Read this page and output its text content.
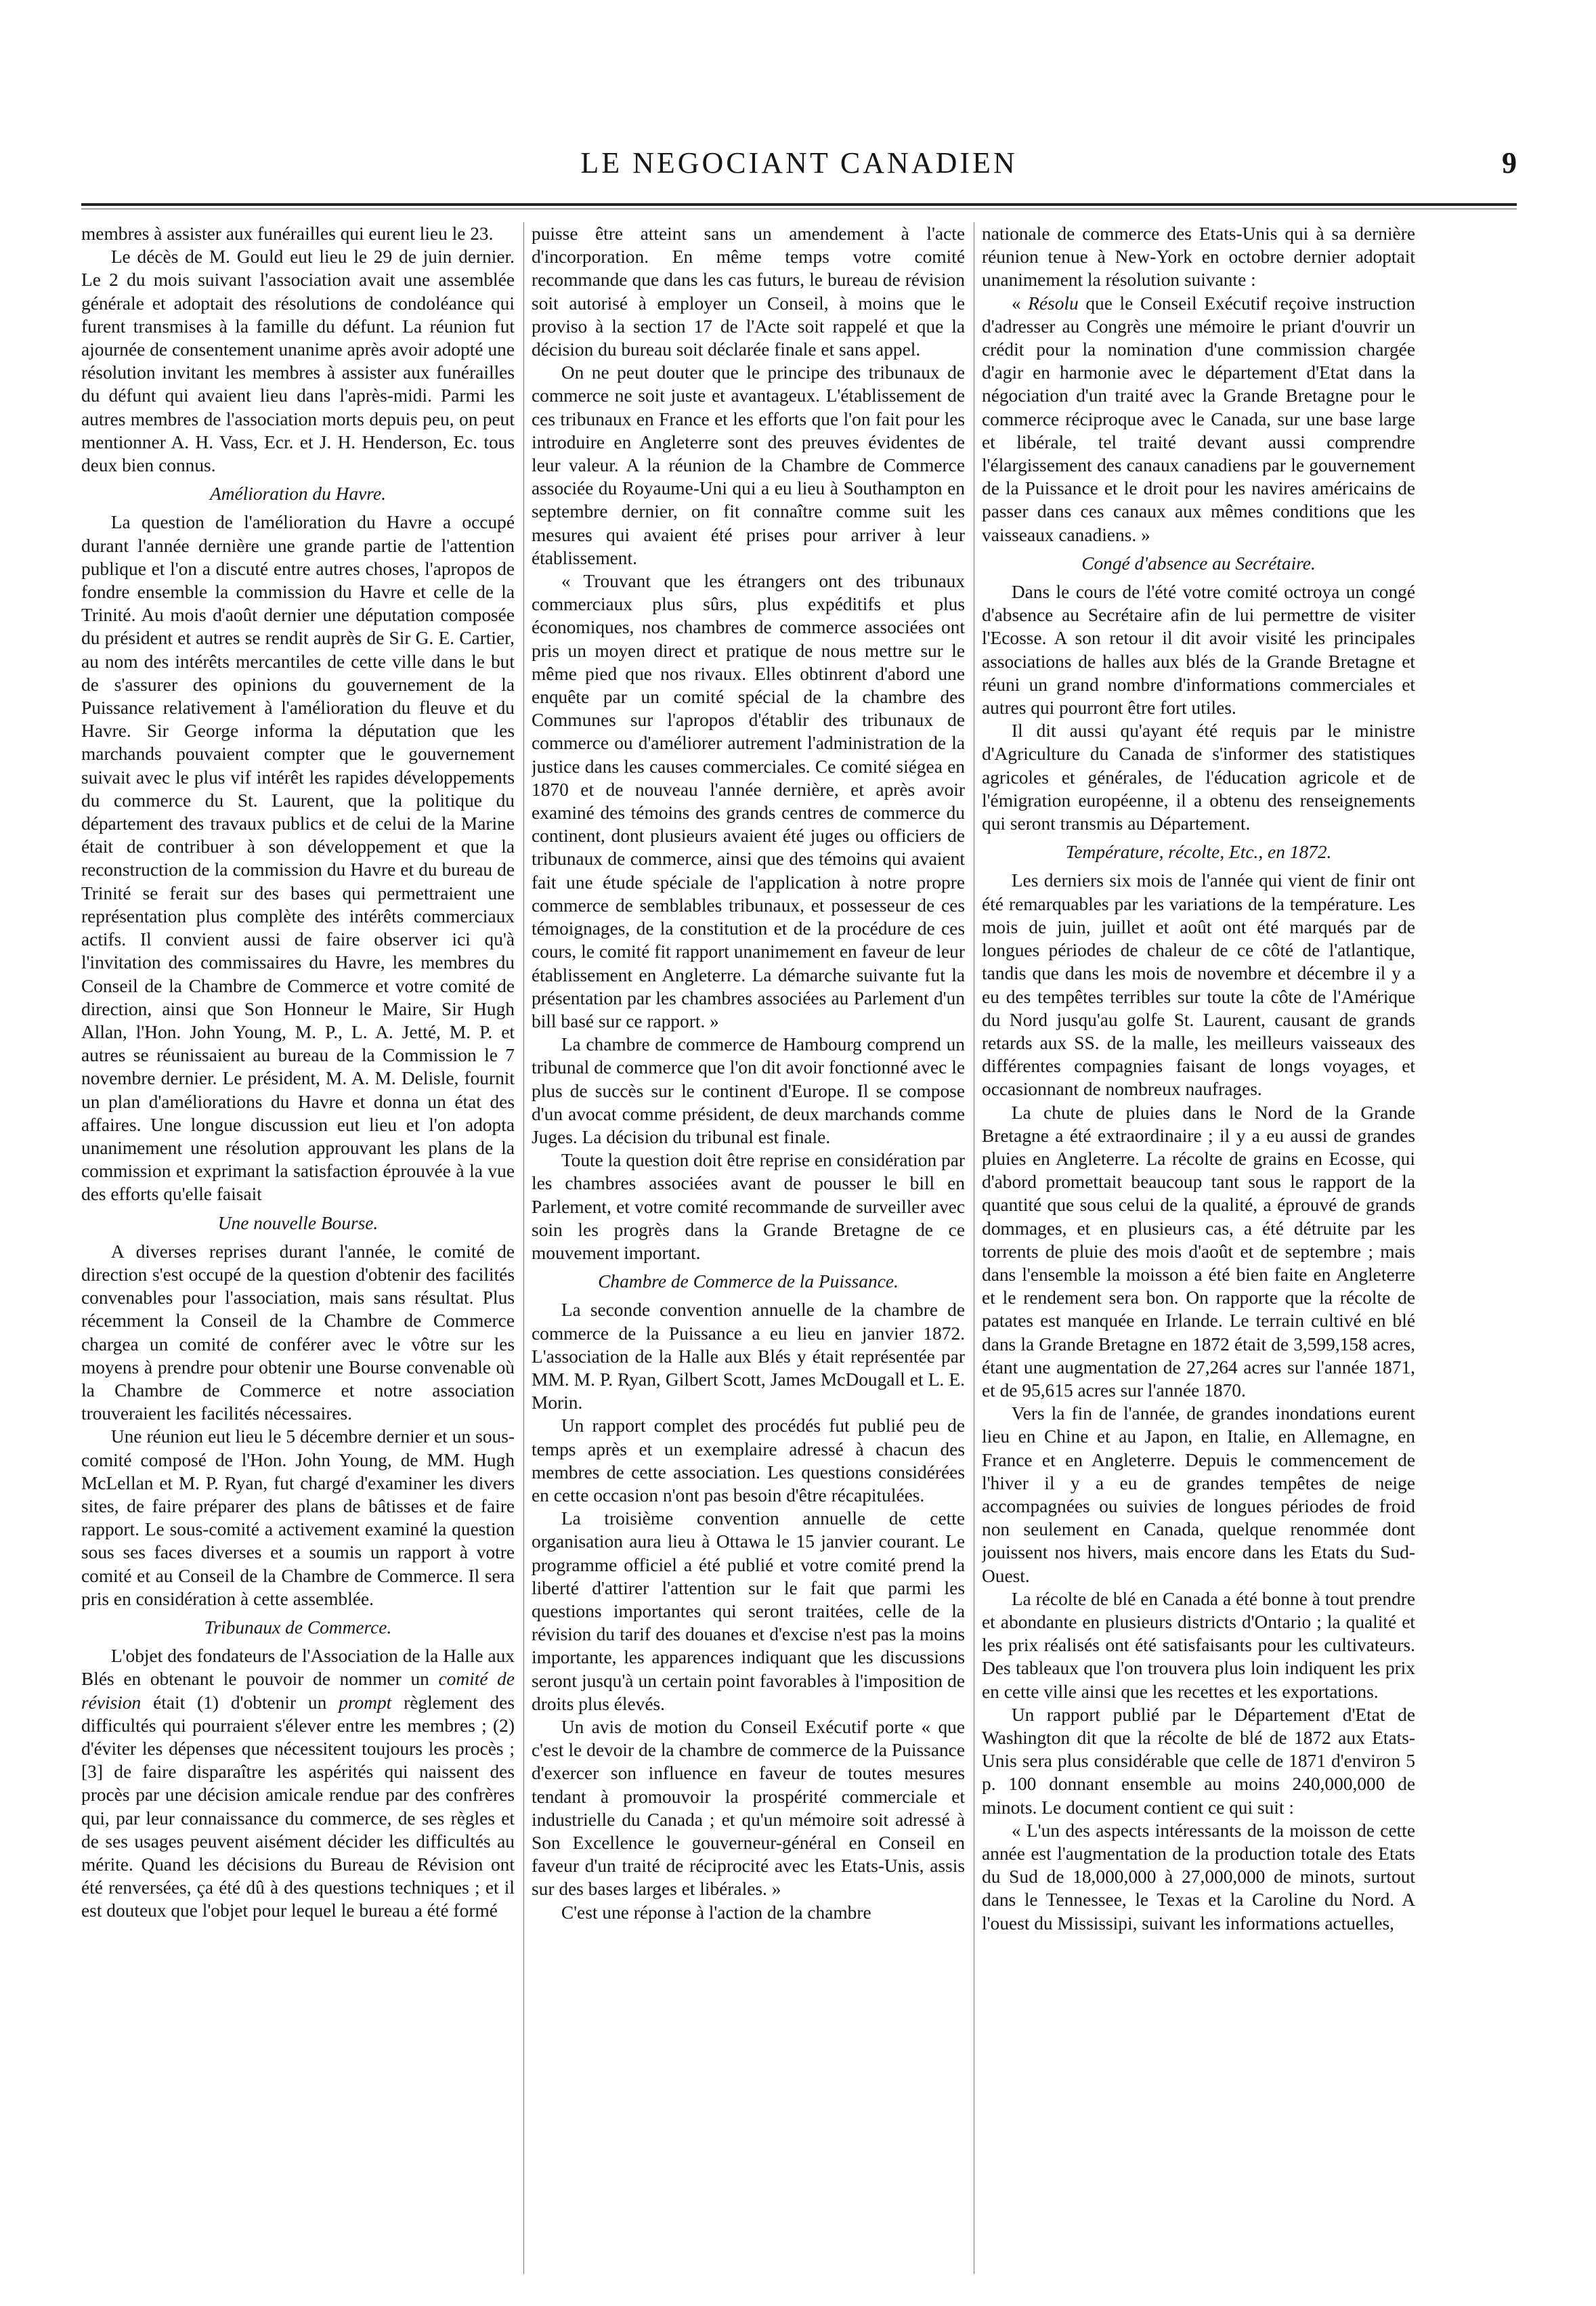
LE NEGOCIANT CANADIEN	9

membres à assister aux funérailles qui eurent lieu le 23.

Le décès de M. Gould eut lieu le 29 de juin dernier. Le 2 du mois suivant l'association avait une assemblée générale et adoptait des résolutions de condoléance qui furent transmises à la famille du défunt. La réunion fut ajournée de consentement unanime après avoir adopté une résolution invitant les membres à assister aux funérailles du défunt qui avaient lieu dans l'après-midi. Parmi les autres membres de l'association morts depuis peu, on peut mentionner A. H. Vass, Ecr. et J. H. Henderson, Ec. tous deux bien connus.

Amélioration du Havre.

La question de l'amélioration du Havre a occupé durant l'année dernière une grande partie de l'attention publique et l'on a discuté entre autres choses, l'apropos de fondre ensemble la commission du Havre et celle de la Trinité. Au mois d'août dernier une députation composée du président et autres se rendit auprès de Sir G. E. Cartier, au nom des intérêts mercantiles de cette ville dans le but de s'assurer des opinions du gouvernement de la Puissance relativement à l'amélioration du fleuve et du Havre. Sir George informa la députation que les marchands pouvaient compter que le gouvernement suivait avec le plus vif intérêt les rapides développements du commerce du St. Laurent, que la politique du département des travaux publics et de celui de la Marine était de contribuer à son développement et que la reconstruction de la commission du Havre et du bureau de Trinité se ferait sur des bases qui permettraient une représentation plus complète des intérêts commerciaux actifs. Il convient aussi de faire observer ici qu'à l'invitation des commissaires du Havre, les membres du Conseil de la Chambre de Commerce et votre comité de direction, ainsi que Son Honneur le Maire, Sir Hugh Allan, l'Hon. John Young, M. P., L. A. Jetté, M. P. et autres se réunissaient au bureau de la Commission le 7 novembre dernier. Le président, M. A. M. Delisle, fournit un plan d'améliorations du Havre et donna un état des affaires. Une longue discussion eut lieu et l'on adopta unanimement une résolution approuvant les plans de la commission et exprimant la satisfaction éprouvée à la vue des efforts qu'elle faisait

Une nouvelle Bourse.

A diverses reprises durant l'année, le comité de direction s'est occupé de la question d'obtenir des facilités convenables pour l'association, mais sans résultat. Plus récemment la Conseil de la Chambre de Commerce chargea un comité de conférer avec le vôtre sur les moyens à prendre pour obtenir une Bourse convenable où la Chambre de Commerce et notre association trouveraient les facilités nécessaires.

Une réunion eut lieu le 5 décembre dernier et un sous-comité composé de l'Hon. John Young, de MM. Hugh McLellan et M. P. Ryan, fut chargé d'examiner les divers sites, de faire préparer des plans de bâtisses et de faire rapport. Le sous-comité a activement examiné la question sous ses faces diverses et a soumis un rapport à votre comité et au Conseil de la Chambre de Commerce. Il sera pris en considération à cette assemblée.

Tribunaux de Commerce.

L'objet des fondateurs de l'Association de la Halle aux Blés en obtenant le pouvoir de nommer un comité de révision était (1) d'obtenir un prompt règlement des difficultés qui pourraient s'élever entre les membres ; (2) d'éviter les dépenses que nécessitent toujours les procès ; [3] de faire disparaître les aspérités qui naissent des procès par une décision amicale rendue par des confrères qui, par leur connaissance du commerce, de ses règles et de ses usages peuvent aisément décider les difficultés au mérite. Quand les décisions du Bureau de Révision ont été renversées, ça été dû à des questions techniques ; et il est douteux que l'objet pour lequel le bureau a été formé

puisse être atteint sans un amendement à l'acte d'incorporation. En même temps votre comité recommande que dans les cas futurs, le bureau de révision soit autorisé à employer un Conseil, à moins que le proviso à la section 17 de l'Acte soit rappelé et que la décision du bureau soit déclarée finale et sans appel.

On ne peut douter que le principe des tribunaux de commerce ne soit juste et avantageux. L'établissement de ces tribunaux en France et les efforts que l'on fait pour les introduire en Angleterre sont des preuves évidentes de leur valeur. A la réunion de la Chambre de Commerce associée du Royaume-Uni qui a eu lieu à Southampton en septembre dernier, on fit connaître comme suit les mesures qui avaient été prises pour arriver à leur établissement.

« Trouvant que les étrangers ont des tribunaux commerciaux plus sûrs, plus expéditifs et plus économiques, nos chambres de commerce associées ont pris un moyen direct et pratique de nous mettre sur le même pied que nos rivaux. Elles obtinrent d'abord une enquête par un comité spécial de la chambre des Communes sur l'apropos d'établir des tribunaux de commerce ou d'améliorer autrement l'administration de la justice dans les causes commerciales. Ce comité siégea en 1870 et de nouveau l'année dernière, et après avoir examiné des témoins des grands centres de commerce du continent, dont plusieurs avaient été juges ou officiers de tribunaux de commerce, ainsi que des témoins qui avaient fait une étude spéciale de l'application à notre propre commerce de semblables tribunaux, et possesseur de ces témoignages, de la constitution et de la procédure de ces cours, le comité fit rapport unanimement en faveur de leur établissement en Angleterre. La démarche suivante fut la présentation par les chambres associées au Parlement d'un bill basé sur ce rapport. »

La chambre de commerce de Hambourg comprend un tribunal de commerce que l'on dit avoir fonctionné avec le plus de succès sur le continent d'Europe. Il se compose d'un avocat comme président, de deux marchands comme Juges. La décision du tribunal est finale.

Toute la question doit être reprise en considération par les chambres associées avant de pousser le bill en Parlement, et votre comité recommande de surveiller avec soin les progrès dans la Grande Bretagne de ce mouvement important.

Chambre de Commerce de la Puissance.

La seconde convention annuelle de la chambre de commerce de la Puissance a eu lieu en janvier 1872. L'association de la Halle aux Blés y était représentée par MM. M. P. Ryan, Gilbert Scott, James McDougall et L. E. Morin.

Un rapport complet des procédés fut publié peu de temps après et un exemplaire adressé à chacun des membres de cette association. Les questions considérées en cette occasion n'ont pas besoin d'être récapitulées.

La troisième convention annuelle de cette organisation aura lieu à Ottawa le 15 janvier courant. Le programme officiel a été publié et votre comité prend la liberté d'attirer l'attention sur le fait que parmi les questions importantes qui seront traitées, celle de la révision du tarif des douanes et d'excise n'est pas la moins importante, les apparences indiquant que les discussions seront jusqu'à un certain point favorables à l'imposition de droits plus élevés.

Un avis de motion du Conseil Exécutif porte « que c'est le devoir de la chambre de commerce de la Puissance d'exercer son influence en faveur de toutes mesures tendant à promouvoir la prospérité commerciale et industrielle du Canada ; et qu'un mémoire soit adressé à Son Excellence le gouverneur-général en Conseil en faveur d'un traité de réciprocité avec les Etats-Unis, assis sur des bases larges et libérales. »

C'est une réponse à l'action de la chambre

nationale de commerce des Etats-Unis qui à sa dernière réunion tenue à New-York en octobre dernier adoptait unanimement la résolution suivante :

« Résolu que le Conseil Exécutif reçoive instruction d'adresser au Congrès une mémoire le priant d'ouvrir un crédit pour la nomination d'une commission chargée d'agir en harmonie avec le département d'Etat dans la négociation d'un traité avec la Grande Bretagne pour le commerce réciproque avec le Canada, sur une base large et libérale, tel traité devant aussi comprendre l'élargissement des canaux canadiens par le gouvernement de la Puissance et le droit pour les navires américains de passer dans ces canaux aux mêmes conditions que les vaisseaux canadiens. »

Congé d'absence au Secrétaire.

Dans le cours de l'été votre comité octroya un congé d'absence au Secrétaire afin de lui permettre de visiter l'Ecosse. A son retour il dit avoir visité les principales associations de halles aux blés de la Grande Bretagne et réuni un grand nombre d'informations commerciales et autres qui pourront être fort utiles.

Il dit aussi qu'ayant été requis par le ministre d'Agriculture du Canada de s'informer des statistiques agricoles et générales, de l'éducation agricole et de l'émigration européenne, il a obtenu des renseignements qui seront transmis au Département.

Température, récolte, Etc., en 1872.

Les derniers six mois de l'année qui vient de finir ont été remarquables par les variations de la température. Les mois de juin, juillet et août ont été marqués par de longues périodes de chaleur de ce côté de l'atlantique, tandis que dans les mois de novembre et décembre il y a eu des tempêtes terribles sur toute la côte de l'Amérique du Nord jusqu'au golfe St. Laurent, causant de grands retards aux SS. de la malle, les meilleurs vaisseaux des différentes compagnies faisant de longs voyages, et occasionnant de nombreux naufrages.

La chute de pluies dans le Nord de la Grande Bretagne a été extraordinaire ; il y a eu aussi de grandes pluies en Angleterre. La récolte de grains en Ecosse, qui d'abord promettait beaucoup tant sous le rapport de la quantité que sous celui de la qualité, a éprouvé de grands dommages, et en plusieurs cas, a été détruite par les torrents de pluie des mois d'août et de septembre ; mais dans l'ensemble la moisson a été bien faite en Angleterre et le rendement sera bon. On rapporte que la récolte de patates est manquée en Irlande. Le terrain cultivé en blé dans la Grande Bretagne en 1872 était de 3,599,158 acres, étant une augmentation de 27,264 acres sur l'année 1871, et de 95,615 acres sur l'année 1870.

Vers la fin de l'année, de grandes inondations eurent lieu en Chine et au Japon, en Italie, en Allemagne, en France et en Angleterre. Depuis le commencement de l'hiver il y a eu de grandes tempêtes de neige accompagnées ou suivies de longues périodes de froid non seulement en Canada, quelque renommée dont jouissent nos hivers, mais encore dans les Etats du Sud-Ouest.

La récolte de blé en Canada a été bonne à tout prendre et abondante en plusieurs districts d'Ontario ; la qualité et les prix réalisés ont été satisfaisants pour les cultivateurs. Des tableaux que l'on trouvera plus loin indiquent les prix en cette ville ainsi que les recettes et les exportations.

Un rapport publié par le Département d'Etat de Washington dit que la récolte de blé de 1872 aux Etats-Unis sera plus considérable que celle de 1871 d'environ 5 p. 100 donnant ensemble au moins 240,000,000 de minots. Le document contient ce qui suit :

« L'un des aspects intéressants de la moisson de cette année est l'augmentation de la production totale des Etats du Sud de 18,000,000 à 27,000,000 de minots, surtout dans le Tennessee, le Texas et la Caroline du Nord. A l'ouest du Mississipi, suivant les informations actuelles,
